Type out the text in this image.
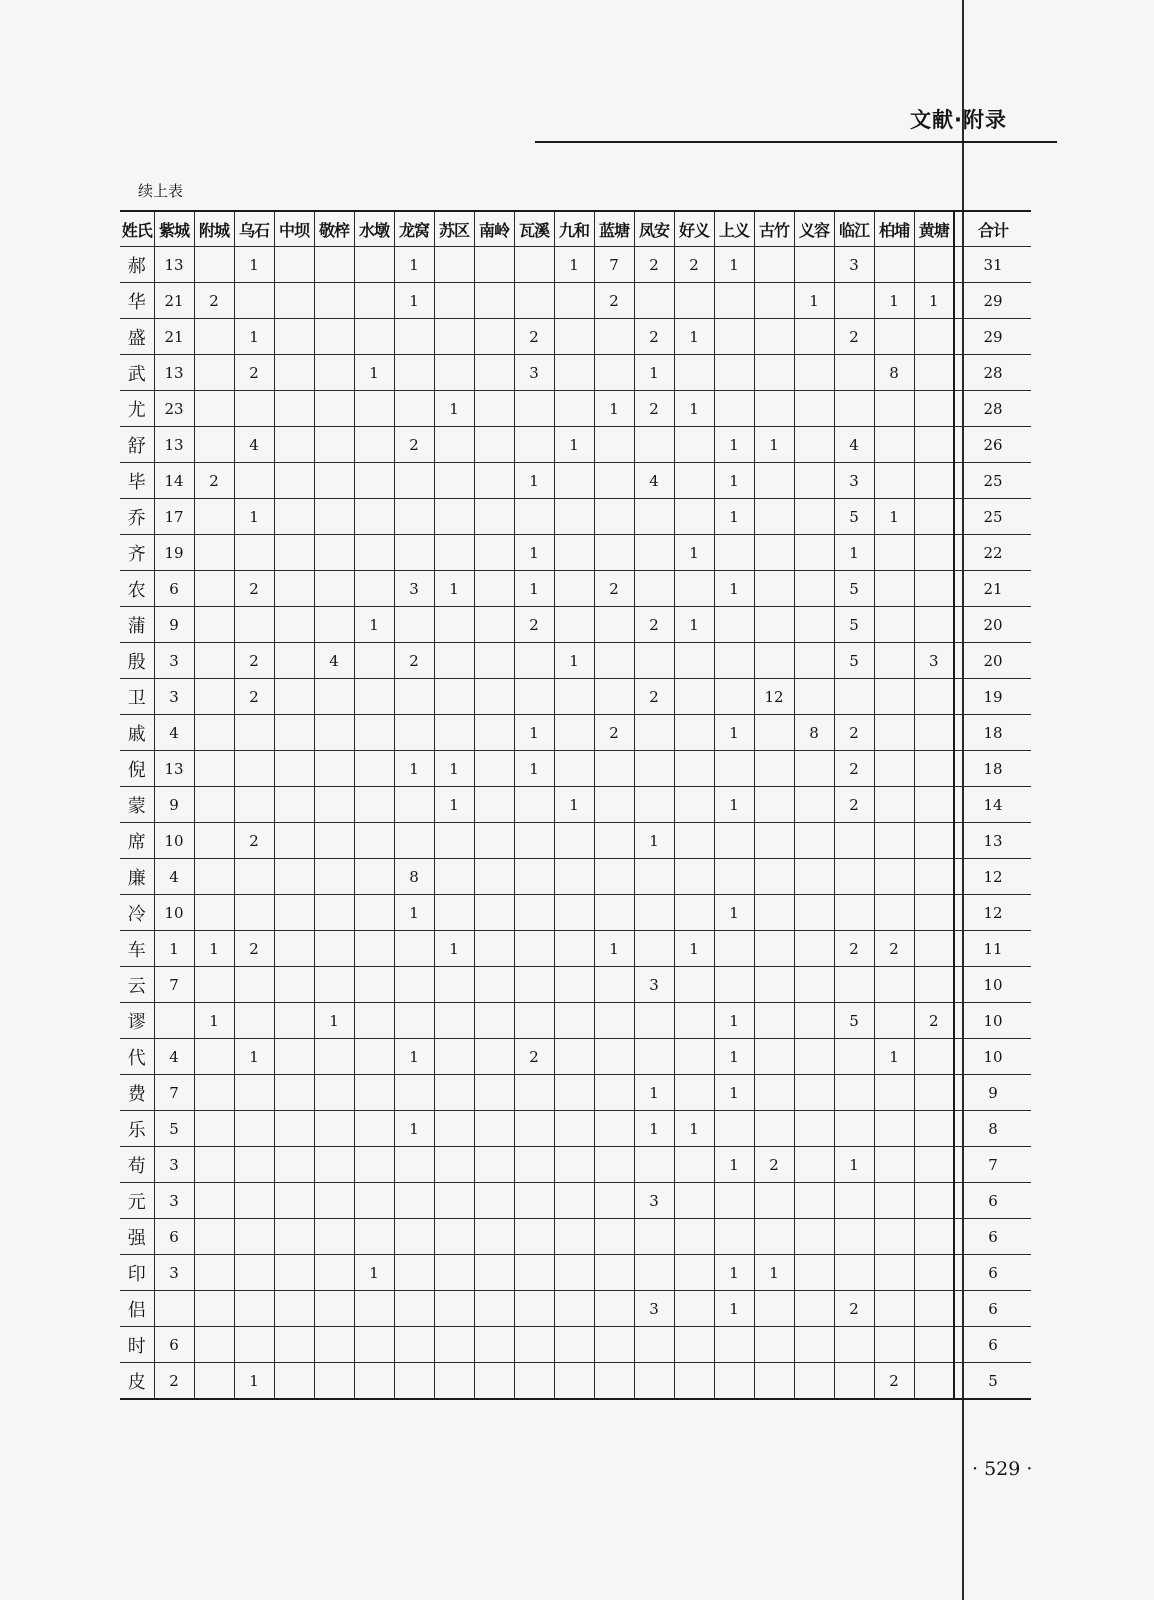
文献·附录
续上表
姓氏	紫城	附城	乌石	中坝	敬梓	水墩	龙窝	苏区	南岭	瓦溪	九和	蓝塘	凤安	好义	上义	古竹	义容	临江	柏埔	黄塘	合计
郝	13		1				1				1	7	2	2	1			3			31
华	21	2					1					2					1		1	1	29
盛	21		1							2			2	1				2			29
武	13		2			1				3			1						8		28
尤	23							1				1	2	1							28
舒	13		4				2				1				1	1		4			26
毕	14	2								1			4		1			3			25
乔	17		1												1			5	1		25
齐	19									1				1				1			22
农	6		2				3	1		1		2			1			5			21
蒲	9					1				2			2	1				5			20
殷	3		2		4		2				1							5		3	20
卫	3		2										2			12					19
戚	4									1		2			1		8	2			18
倪	13						1	1		1								2			18
蒙	9							1			1				1			2			14
席	10		2										1								13
廉	4						8														12
冷	10						1								1						12
车	1	1	2					1				1		1				2	2		11
云	7												3								10
谬		1			1										1			5		2	10
代	4		1				1			2					1				1		10
费	7												1		1						9
乐	5						1						1	1							8
苟	3														1	2		1			7
元	3												3								6
强	6																				6
印	3					1									1	1					6
侣													3		1			2			6
时	6																				6
皮	2		1																2		5
· 529 ·
